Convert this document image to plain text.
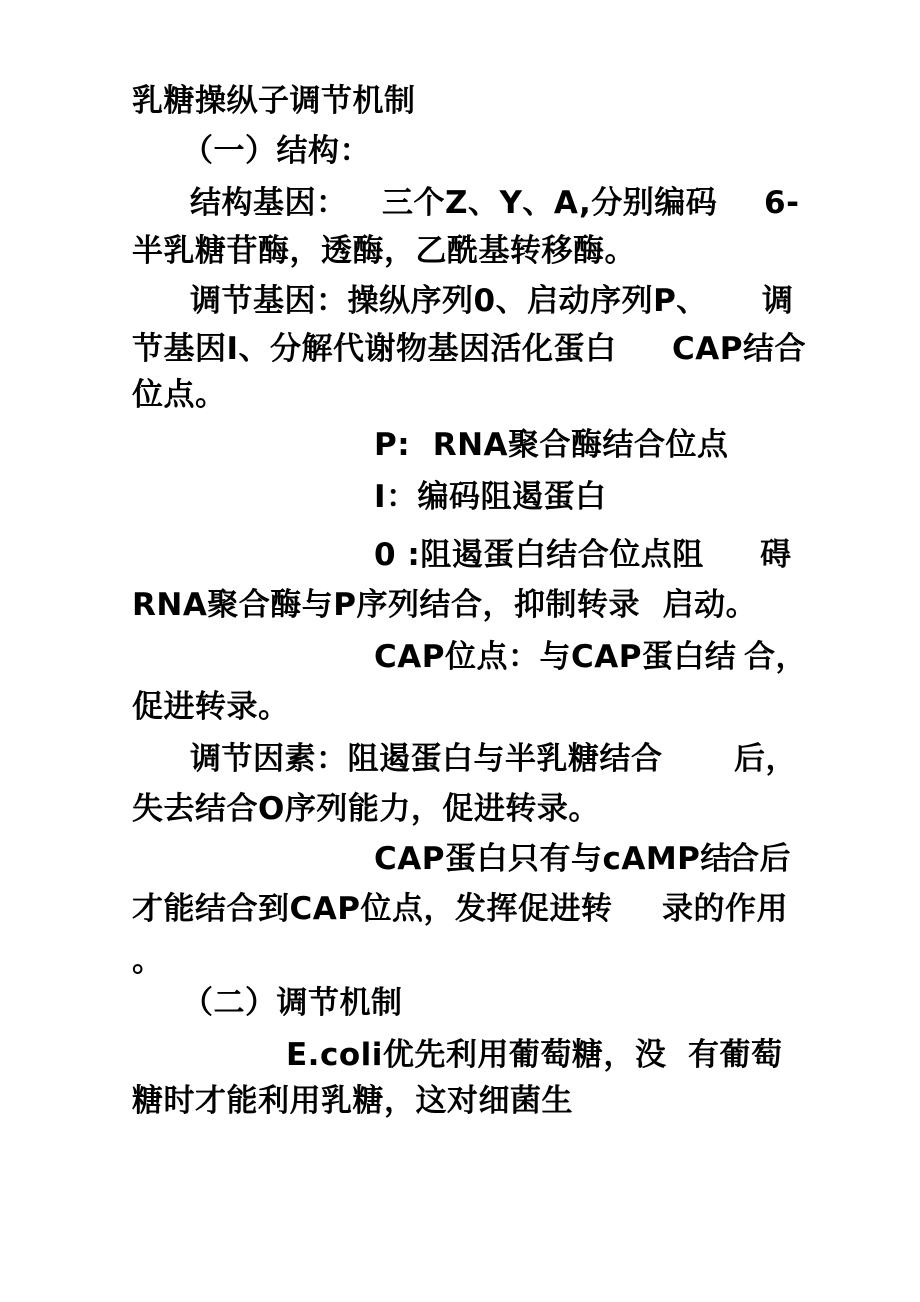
乳糖操纵子调节机制
（一）结构：
结构基因： 三个Z、Y、A,分别编码 6-
半乳糖苷酶，透酶，乙酰基转移酶。
调节基因：操纵序列0、启动序列P、 调
节基因I、分解代谢物基因活化蛋白 CAP结合
位点。
P:  RNA聚合酶结合位点
I：编码阻遏蛋白
0 :阻遏蛋白结合位点阻 碍
RNA聚合酶与P序列结合，抑制转录  启动。
CAP位点：与CAP蛋白结 合，
促进转录。
调节因素：阻遏蛋白与半乳糖结合 后，
失去结合O序列能力，促进转录。
CAP蛋白只有与cAMP结
合后
才能结合到CAP位点，发挥促进转 录的作用
。
（二）调节机制
E.coli优先利用葡萄糖，没 有葡萄
糖时才能利用乳糖，这对细菌生
